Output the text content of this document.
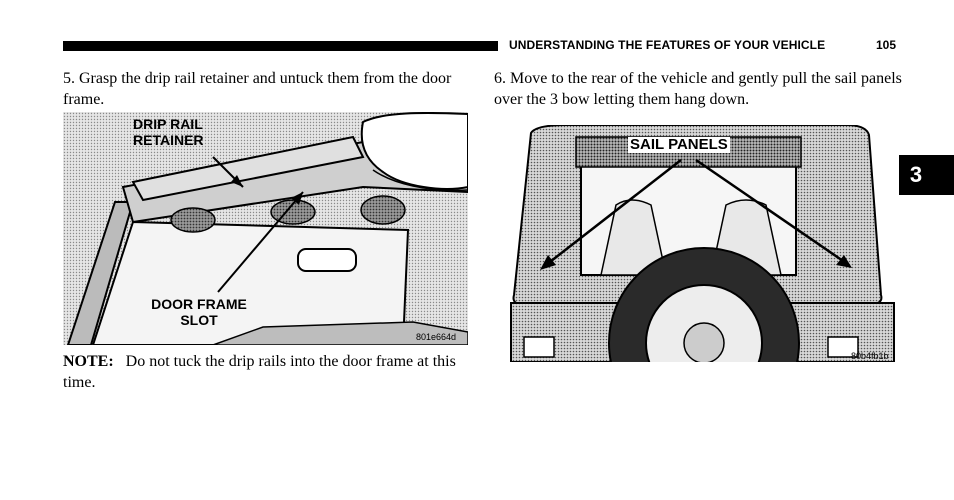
UNDERSTANDING THE FEATURES OF YOUR VEHICLE	105
3
5. Grasp the drip rail retainer and untuck them from the door frame.
DRIP RAIL
RETAINER
DOOR FRAME
SLOT
801e664d
NOTE: Do not tuck the drip rails into the door frame at this time.
6. Move to the rear of the vehicle and gently pull the sail panels over the 3 bow letting them hang down.
SAIL PANELS
80b4fb1b
